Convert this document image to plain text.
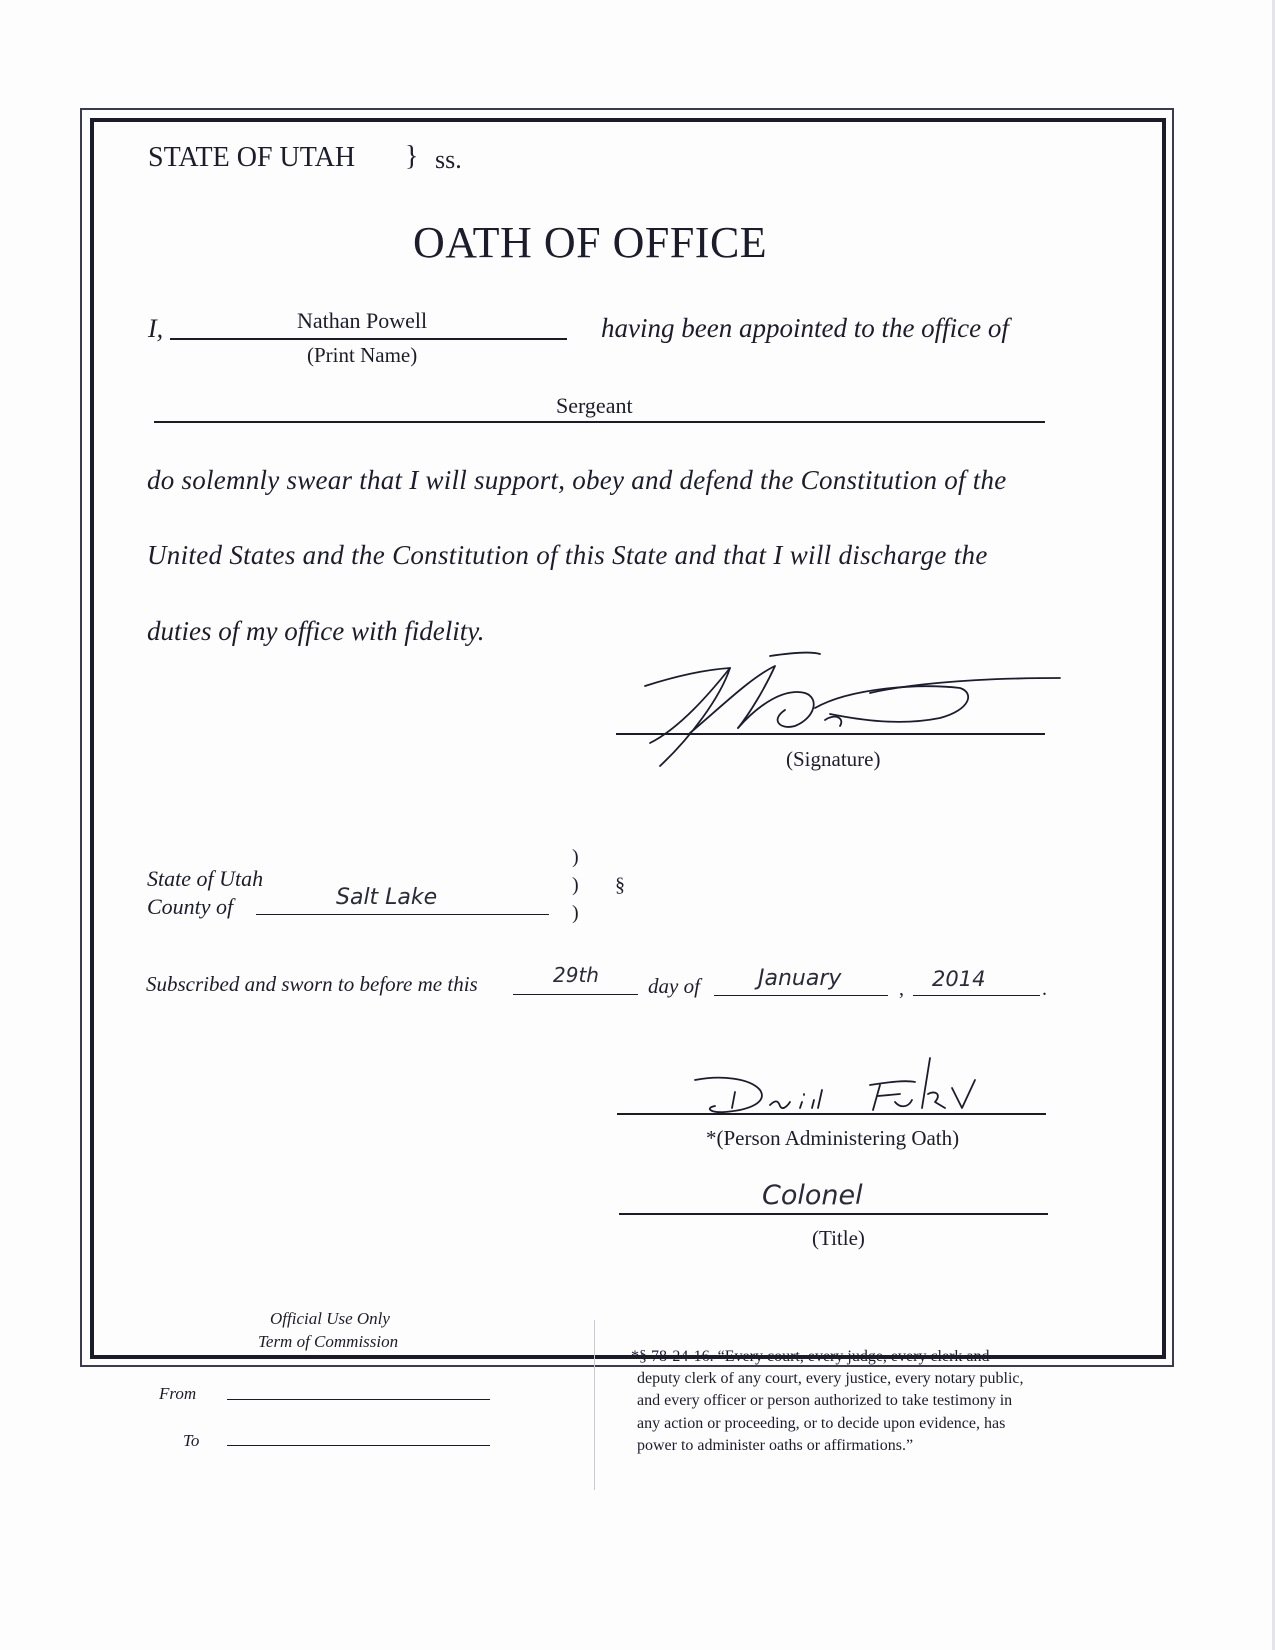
STATE OF UTAH } ss.
OATH OF OFFICE
I,	Nathan Powell
(Print Name)
having been appointed to the office of
Sergeant
do solemnly swear that I will support, obey and defend the Constitution of the
United States and the Constitution of this State and that I will discharge the
duties of my office with fidelity.
(Signature)
State of Utah
County of	Salt Lake
)
)
)
§
Subscribed and sworn to before me this	29th day of	January	, 2014	.
*(Person Administering Oath)
Colonel
(Title)
Official Use Only
Term of Commission
From
To
*§ 78-24-16. “Every court, every judge, every clerk and
deputy clerk of any court, every justice, every notary public,
and every officer or person authorized to take testimony in
any action or proceeding, or to decide upon evidence, has
power to administer oaths or affirmations.”
